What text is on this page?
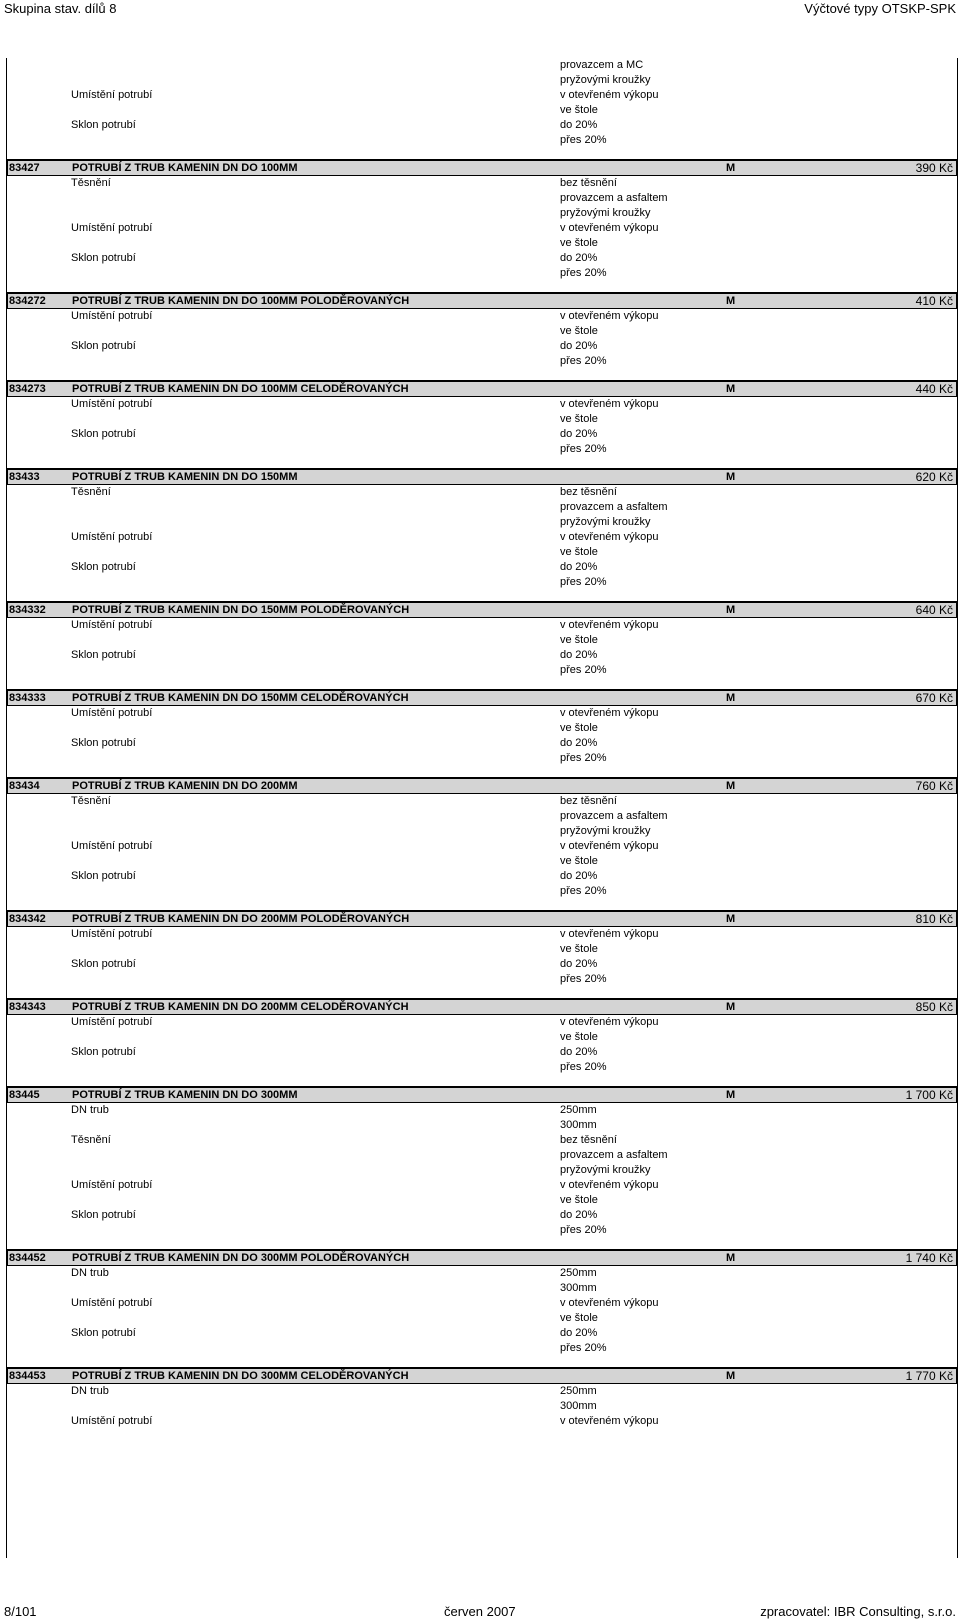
Skupina stav. dílů 8	Výčtové typy OTSKP-SPK
provazcem a MC
pryžovými kroužky
Umístění potrubí	v otevřeném výkopu
ve štole
Sklon potrubí	do 20%
přes 20%
83427	POTRUBÍ Z TRUB KAMENIN DN DO 100MM	M	390 Kč
Těsnění	bez těsnění
provazcem a asfaltem
pryžovými kroužky
Umístění potrubí	v otevřeném výkopu
ve štole
Sklon potrubí	do 20%
přes 20%
834272 POTRUBÍ Z TRUB KAMENIN DN DO 100MM POLODĚROVANÝCH	M	410 Kč
Umístění potrubí	v otevřeném výkopu
ve štole
Sklon potrubí	do 20%
přes 20%
834273 POTRUBÍ Z TRUB KAMENIN DN DO 100MM CELODĚROVANÝCH	M	440 Kč
Umístění potrubí	v otevřeném výkopu
ve štole
Sklon potrubí	do 20%
přes 20%
83433	POTRUBÍ Z TRUB KAMENIN DN DO 150MM	M	620 Kč
Těsnění	bez těsnění
provazcem a asfaltem
pryžovými kroužky
Umístění potrubí	v otevřeném výkopu
ve štole
Sklon potrubí	do 20%
přes 20%
834332 POTRUBÍ Z TRUB KAMENIN DN DO 150MM POLODĚROVANÝCH	M	640 Kč
Umístění potrubí	v otevřeném výkopu
ve štole
Sklon potrubí	do 20%
přes 20%
834333 POTRUBÍ Z TRUB KAMENIN DN DO 150MM CELODĚROVANÝCH	M	670 Kč
Umístění potrubí	v otevřeném výkopu
ve štole
Sklon potrubí	do 20%
přes 20%
83434	POTRUBÍ Z TRUB KAMENIN DN DO 200MM	M	760 Kč
Těsnění	bez těsnění
provazcem a asfaltem
pryžovými kroužky
Umístění potrubí	v otevřeném výkopu
ve štole
Sklon potrubí	do 20%
přes 20%
834342 POTRUBÍ Z TRUB KAMENIN DN DO 200MM POLODĚROVANÝCH	M	810 Kč
Umístění potrubí	v otevřeném výkopu
ve štole
Sklon potrubí	do 20%
přes 20%
834343 POTRUBÍ Z TRUB KAMENIN DN DO 200MM CELODĚROVANÝCH	M	850 Kč
Umístění potrubí	v otevřeném výkopu
ve štole
Sklon potrubí	do 20%
přes 20%
83445	POTRUBÍ Z TRUB KAMENIN DN DO 300MM	M	1 700 Kč
DN trub	250mm
300mm
Těsnění	bez těsnění
provazcem a asfaltem
pryžovými kroužky
Umístění potrubí	v otevřeném výkopu
ve štole
Sklon potrubí	do 20%
přes 20%
834452 POTRUBÍ Z TRUB KAMENIN DN DO 300MM POLODĚROVANÝCH	M	1 740 Kč
DN trub	250mm
300mm
Umístění potrubí	v otevřeném výkopu
ve štole
Sklon potrubí	do 20%
přes 20%
834453 POTRUBÍ Z TRUB KAMENIN DN DO 300MM CELODĚROVANÝCH	M	1 770 Kč
DN trub	250mm
300mm
Umístění potrubí	v otevřeném výkopu
8/101	červen 2007	zpracovatel: IBR Consulting, s.r.o.
